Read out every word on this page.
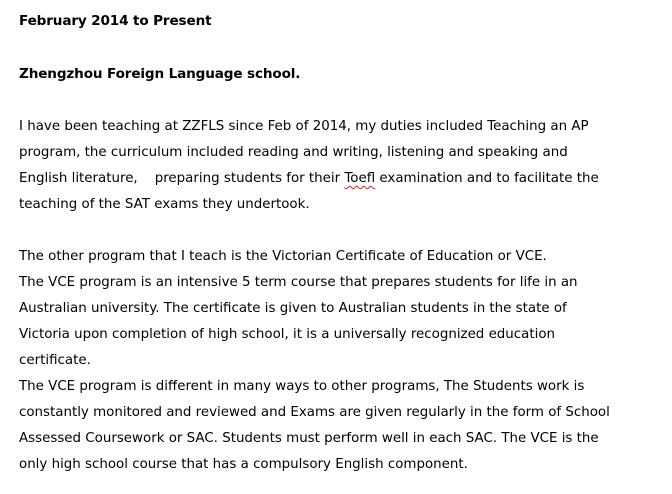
February 2014 to Present

Zhengzhou Foreign Language school.

I have been teaching at ZZFLS since Feb of 2014, my duties included Teaching an AP

program, the curriculum included reading and writing, listening and speaking and

English literature,    preparing students for their Toefl examination and to facilitate the

teaching of the SAT exams they undertook.

The other program that I teach is the Victorian Certificate of Education or VCE.

The VCE program is an intensive 5 term course that prepares students for life in an

Australian university. The certificate is given to Australian students in the state of

Victoria upon completion of high school, it is a universally recognized education

certificate.

The VCE program is different in many ways to other programs, The Students work is

constantly monitored and reviewed and Exams are given regularly in the form of School

Assessed Coursework or SAC. Students must perform well in each SAC. The VCE is the

only high school course that has a compulsory English component.
